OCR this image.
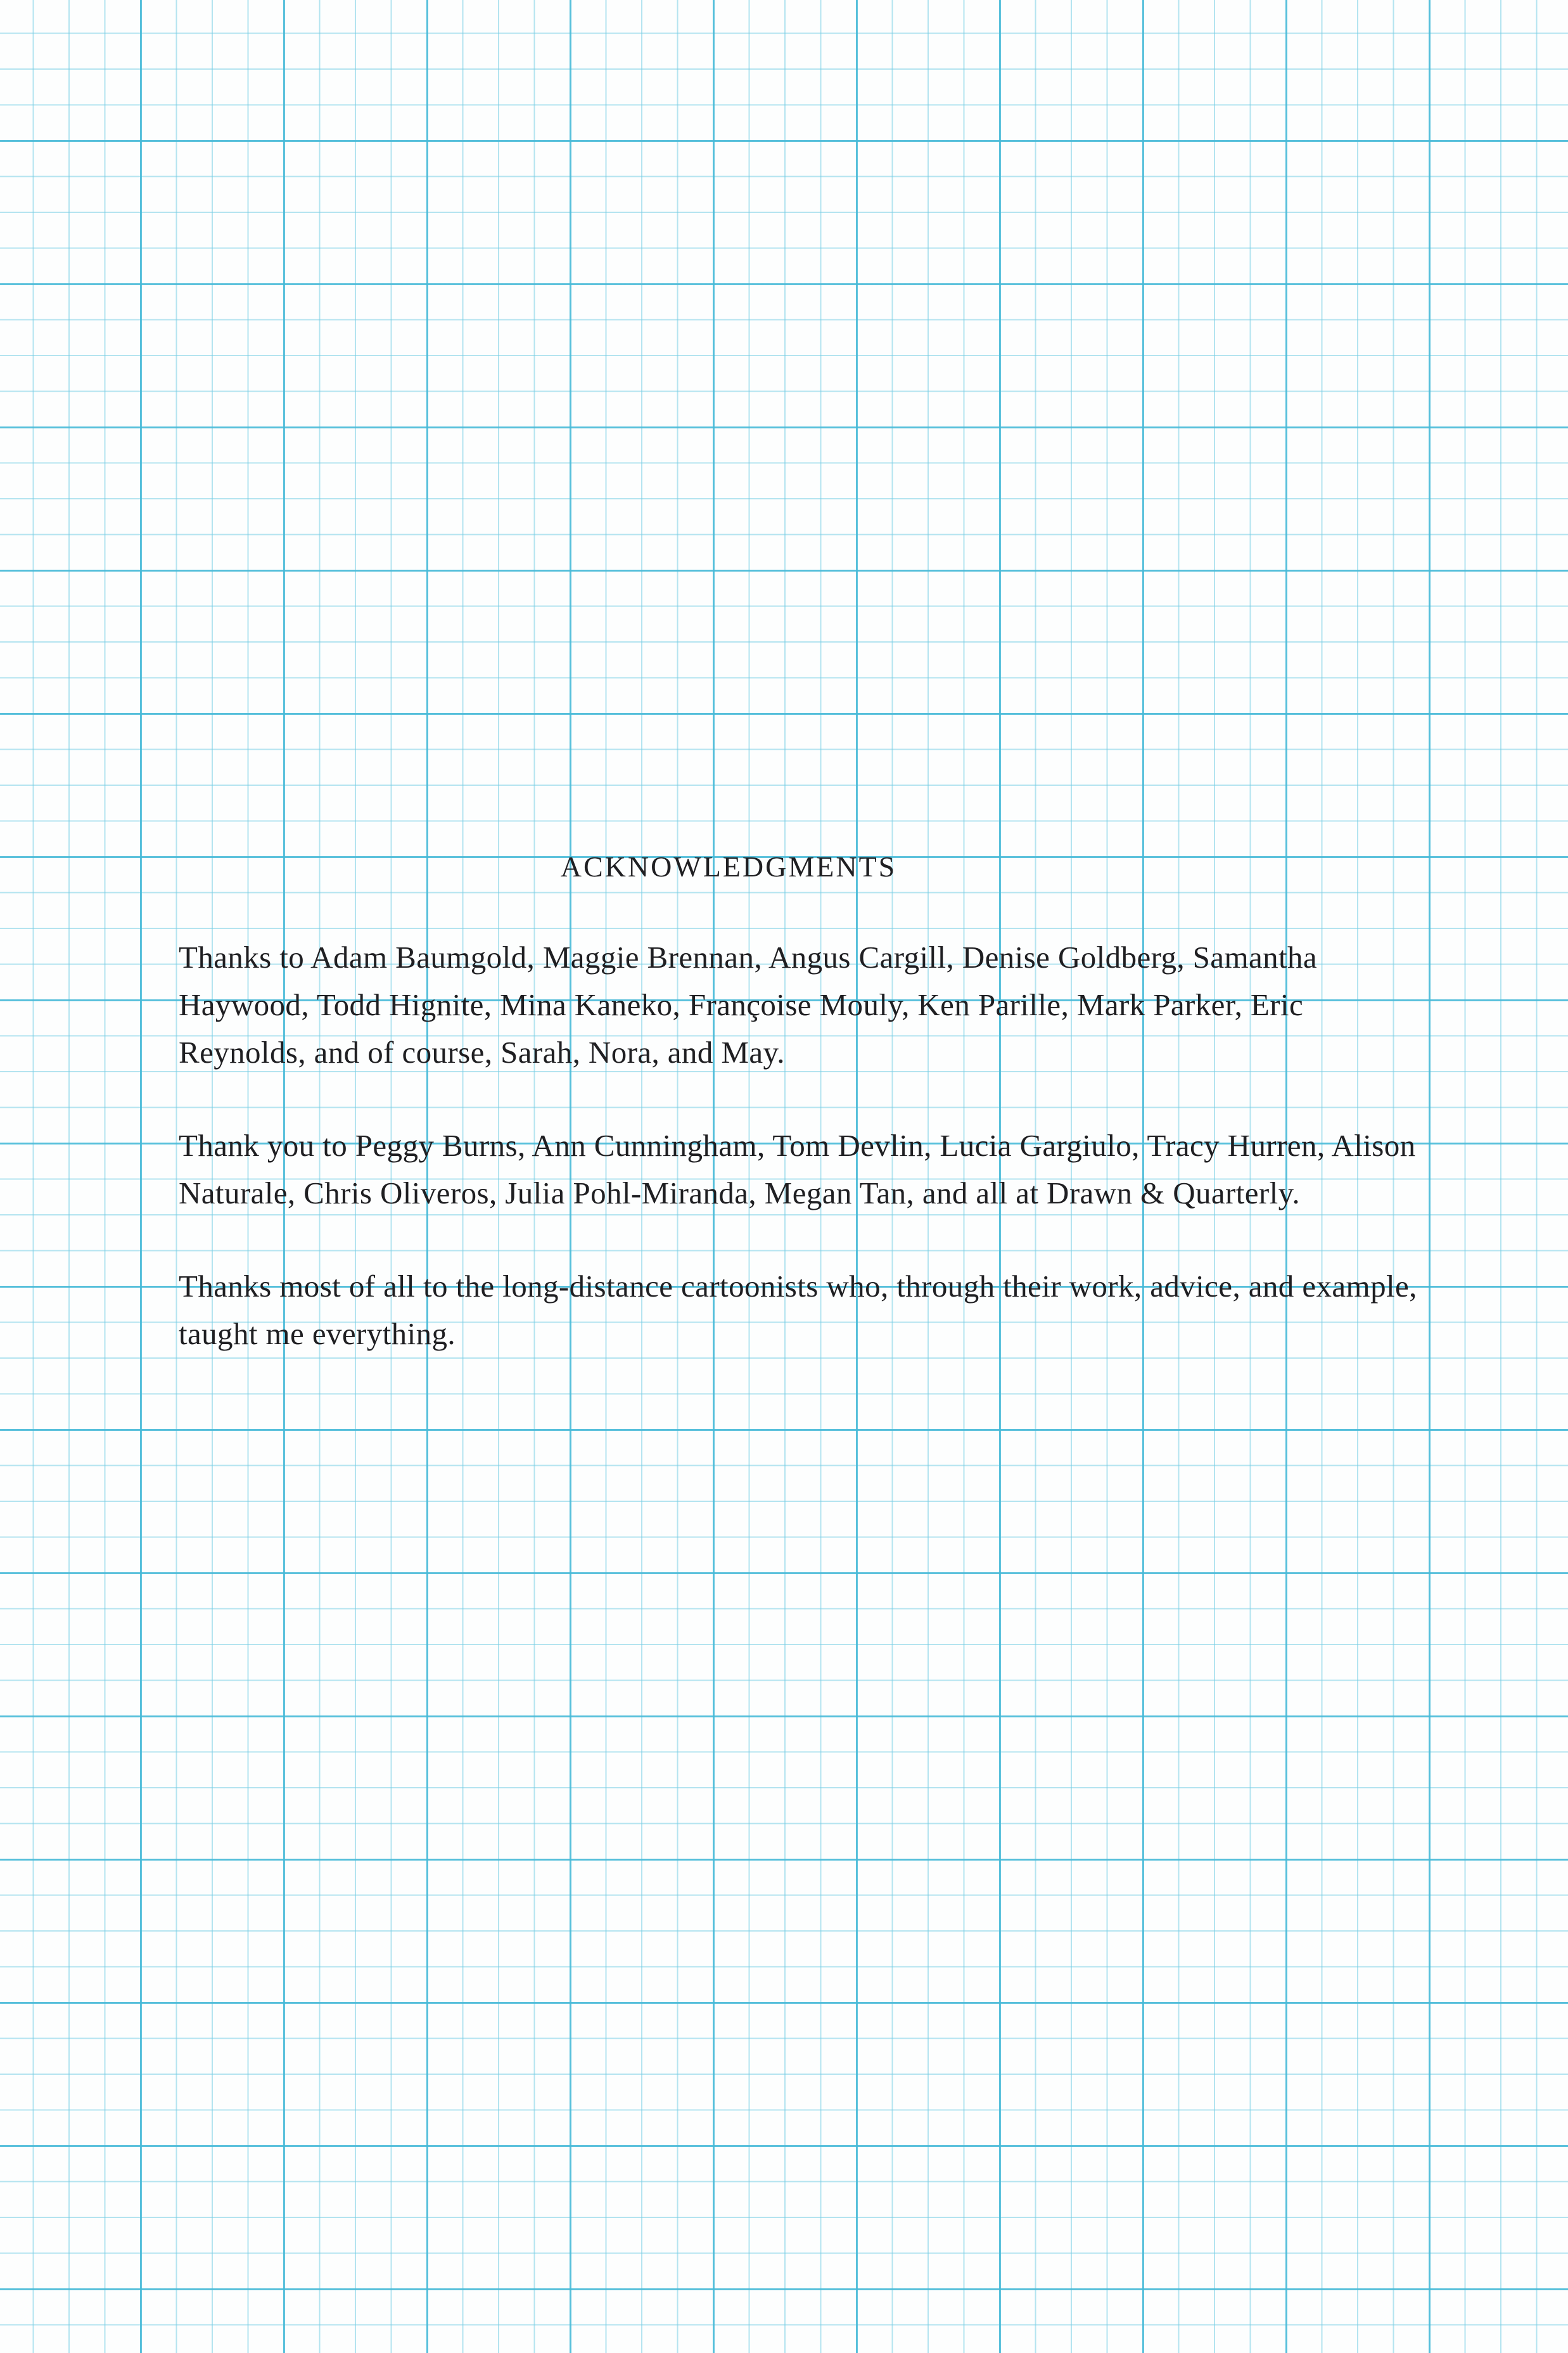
ACKNOWLEDGMENTS

Thanks to Adam Baumgold, Maggie Brennan, Angus Cargill, Denise Goldberg, Samantha Haywood, Todd Hignite, Mina Kaneko, Françoise Mouly, Ken Parille, Mark Parker, Eric Reynolds, and of course, Sarah, Nora, and May.

Thank you to Peggy Burns, Ann Cunningham, Tom Devlin, Lucia Gargiulo, Tracy Hurren, Alison Naturale, Chris Oliveros, Julia Pohl-Miranda, Megan Tan, and all at Drawn & Quarterly.

Thanks most of all to the long-distance cartoonists who, through their work, advice, and example, taught me everything.
